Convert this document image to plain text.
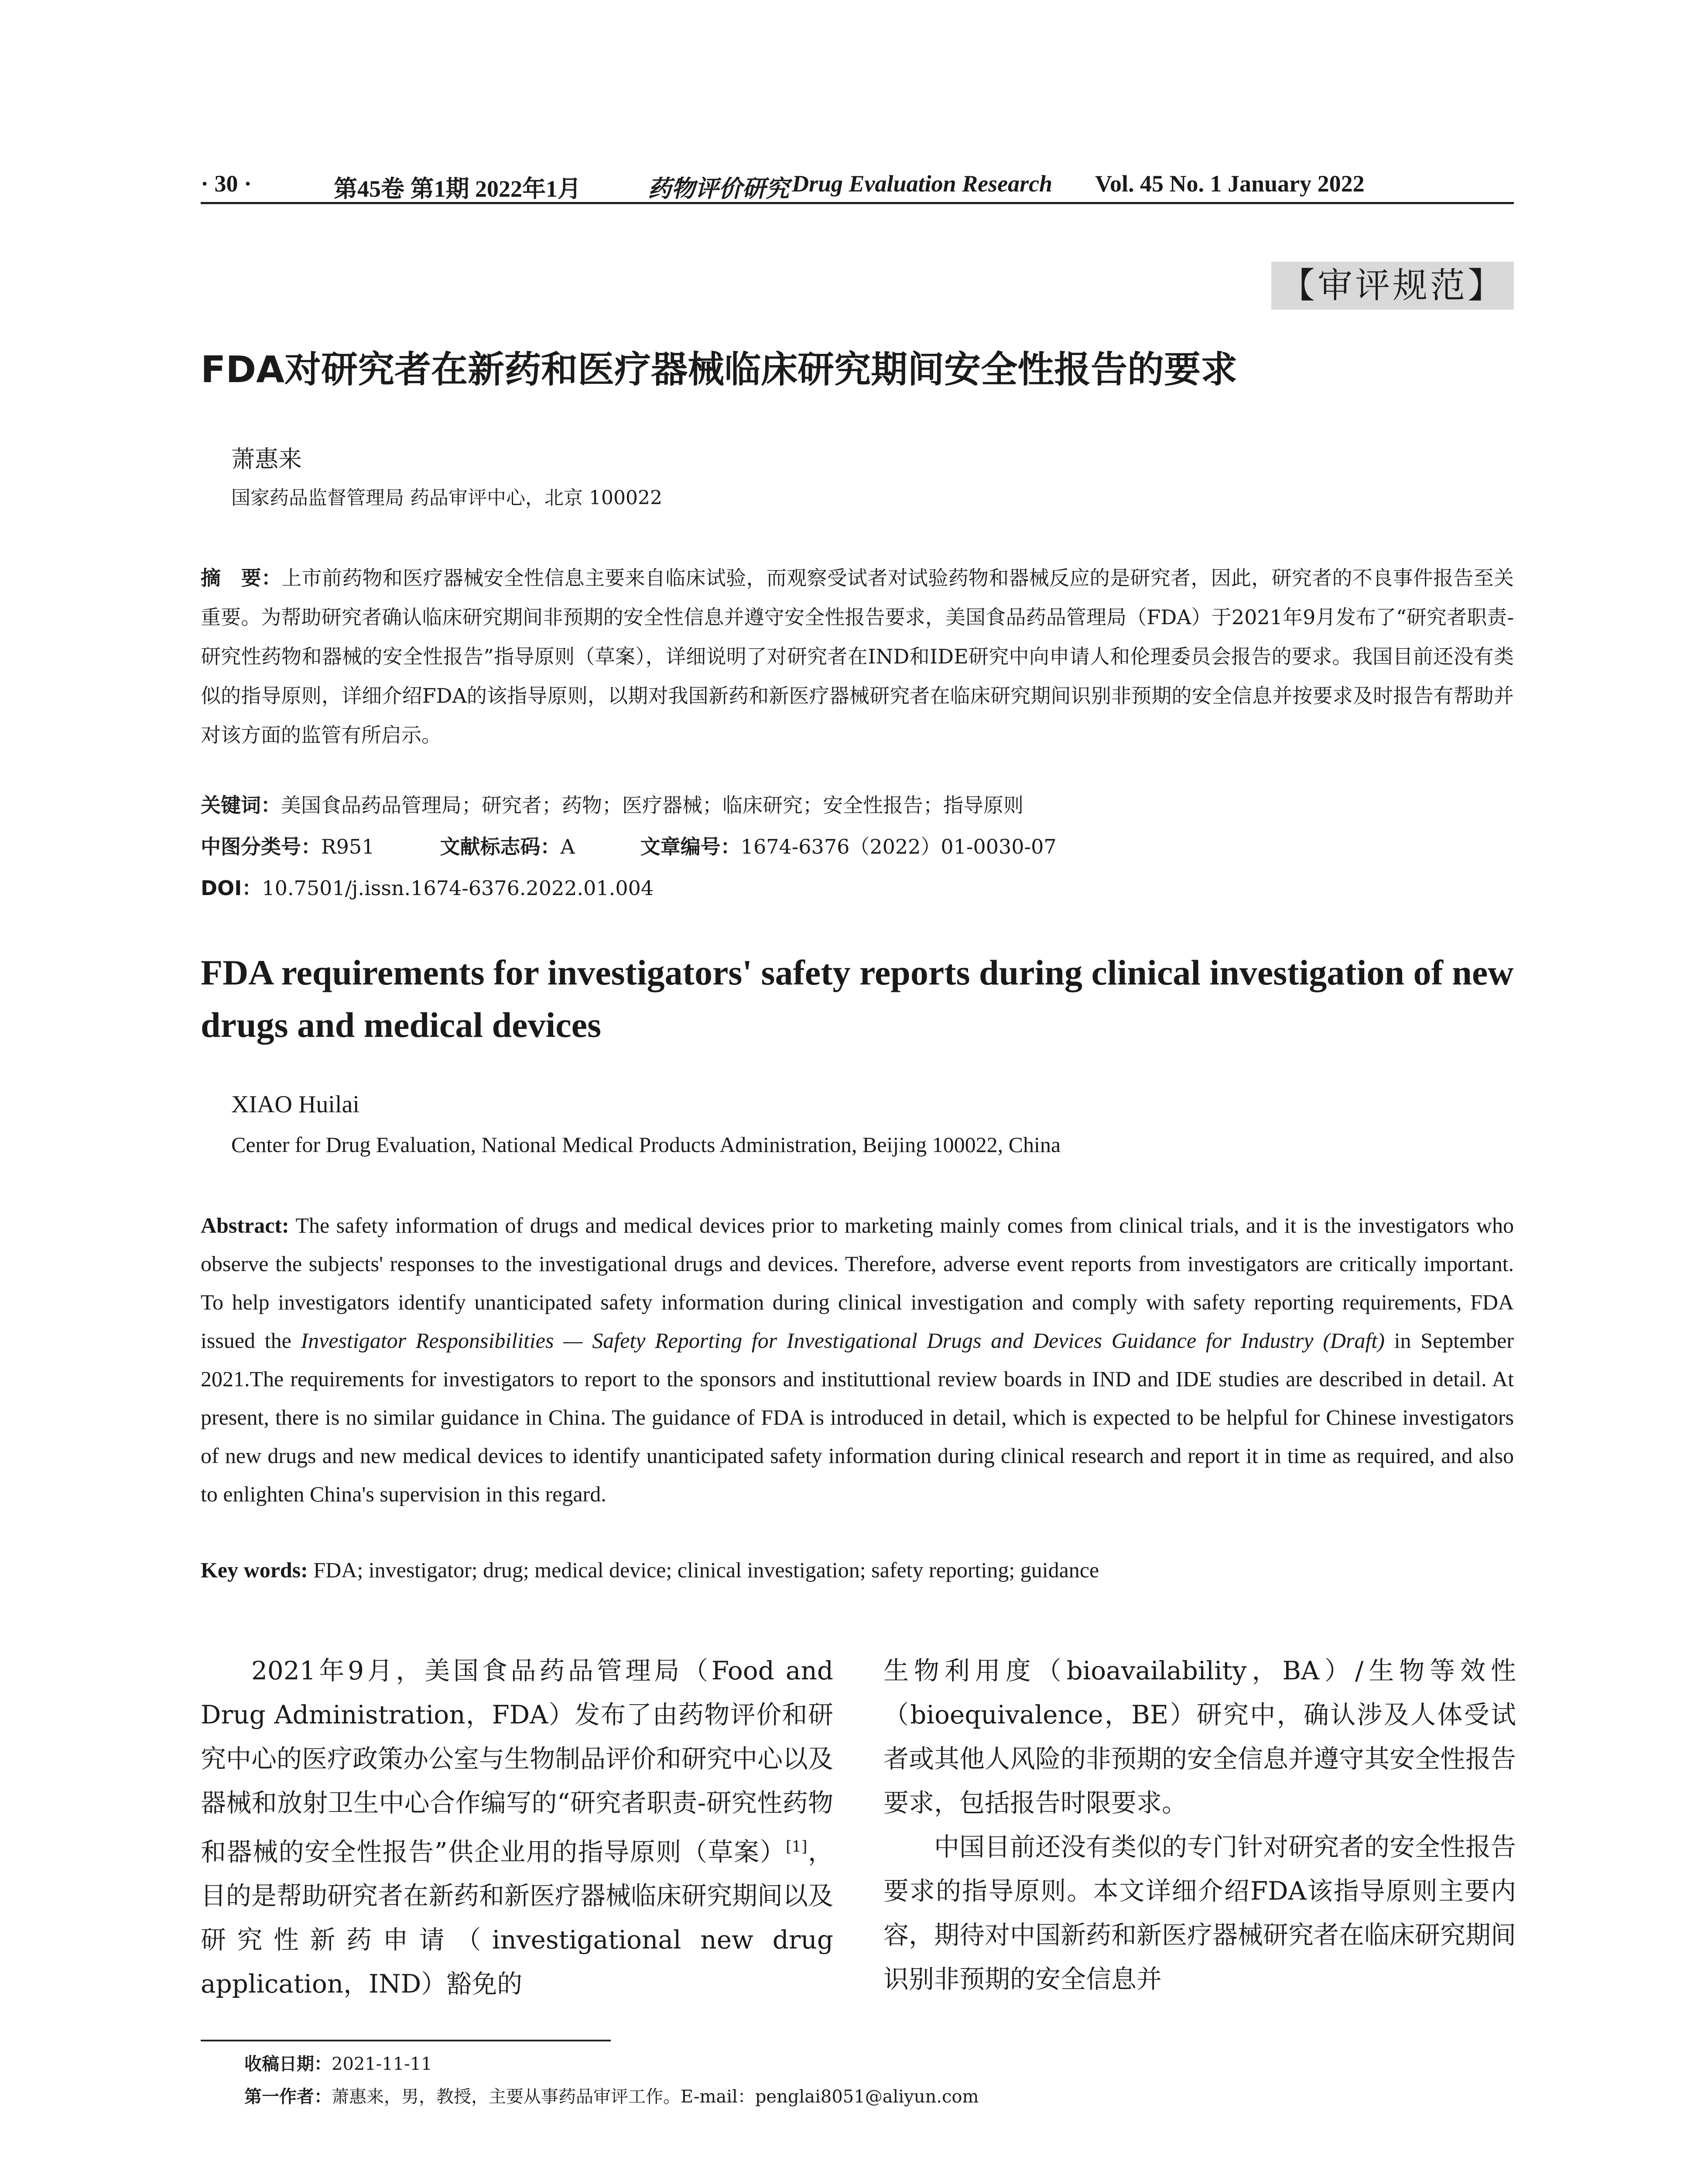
· 30 ·	第45卷 第1期 2022年1月	药物评价研究 Drug Evaluation Research Vol. 45 No. 1 January 2022
【审评规范】
FDA对研究者在新药和医疗器械临床研究期间安全性报告的要求
萧惠来
国家药品监督管理局 药品审评中心，北京 100022
摘　要：上市前药物和医疗器械安全性信息主要来自临床试验，而观察受试者对试验药物和器械反应的是研究者，因此，研究者的不良事件报告至关重要。为帮助研究者确认临床研究期间非预期的安全性信息并遵守安全性报告要求，美国食品药品管理局（FDA）于2021年9月发布了“研究者职责-研究性药物和器械的安全性报告”指导原则（草案），详细说明了对研究者在IND和IDE研究中向申请人和伦理委员会报告的要求。我国目前还没有类似的指导原则，详细介绍FDA的该指导原则，以期对我国新药和新医疗器械研究者在临床研究期间识别非预期的安全信息并按要求及时报告有帮助并对该方面的监管有所启示。
关键词：美国食品药品管理局；研究者；药物；医疗器械；临床研究；安全性报告；指导原则
中图分类号：R951	文献标志码：A	文章编号：1674-6376（2022）01-0030-07
DOI：10.7501/j.issn.1674-6376.2022.01.004
FDA requirements for investigators' safety reports during clinical investigation of new drugs and medical devices
XIAO Huilai
Center for Drug Evaluation, National Medical Products Administration, Beijing 100022, China
Abstract: The safety information of drugs and medical devices prior to marketing mainly comes from clinical trials, and it is the investigators who observe the subjects' responses to the investigational drugs and devices. Therefore, adverse event reports from investigators are critically important. To help investigators identify unanticipated safety information during clinical investigation and comply with safety reporting requirements, FDA issued the Investigator Responsibilities — Safety Reporting for Investigational Drugs and Devices Guidance for Industry (Draft) in September 2021.The requirements for investigators to report to the sponsors and instituttional review boards in IND and IDE studies are described in detail. At present, there is no similar guidance in China. The guidance of FDA is introduced in detail, which is expected to be helpful for Chinese investigators of new drugs and new medical devices to identify unanticipated safety information during clinical research and report it in time as required, and also to enlighten China's supervision in this regard.
Key words: FDA; investigator; drug; medical device; clinical investigation; safety reporting; guidance

2021年9月，美国食品药品管理局（Food and Drug Administration，FDA）发布了由药物评价和研究中心的医疗政策办公室与生物制品评价和研究中心以及器械和放射卫生中心合作编写的“研究者职责-研究性药物和器械的安全性报告”供企业用的指导原则（草案）[1]，目的是帮助研究者在新药和新医疗器械临床研究期间以及研究性新药申请（investigational new drug application，IND）豁免的

生物利用度（bioavailability，BA）/生物等效性（bioequivalence，BE）研究中，确认涉及人体受试者或其他人风险的非预期的安全信息并遵守其安全性报告要求，包括报告时限要求。

中国目前还没有类似的专门针对研究者的安全性报告要求的指导原则。本文详细介绍FDA该指导原则主要内容，期待对中国新药和新医疗器械研究者在临床研究期间识别非预期的安全信息并

收稿日期：2021-11-11
第一作者：萧惠来，男，教授，主要从事药品审评工作。E-mail：penglai8051@aliyun.com
